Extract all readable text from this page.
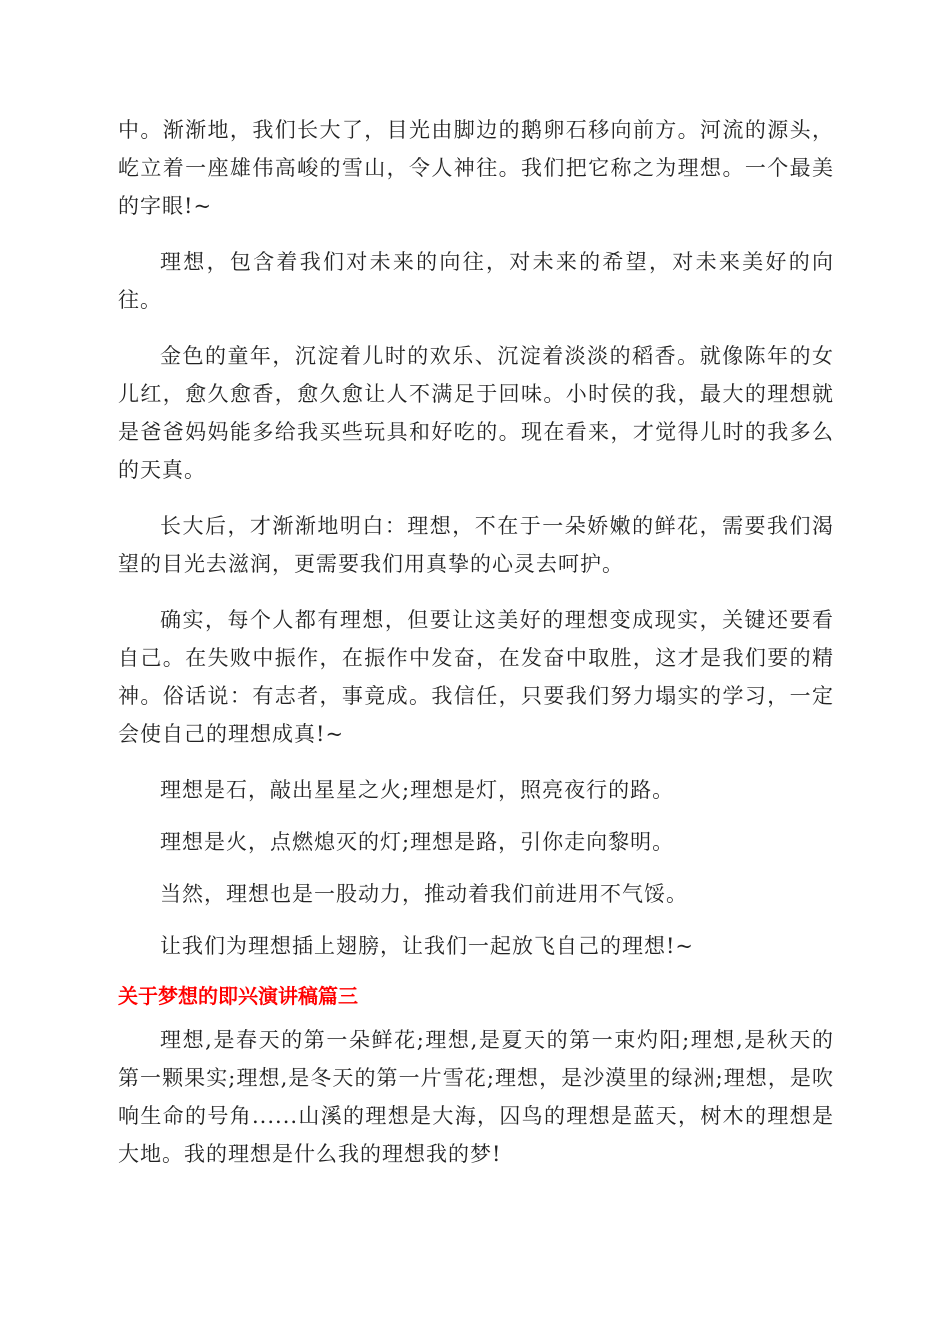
中。渐渐地，我们长大了，目光由脚边的鹅卵石移向前方。河流的源头，屹立着一座雄伟高峻的雪山，令人神往。我们把它称之为理想。一个最美的字眼!~

理想，包含着我们对未来的向往，对未来的希望，对未来美好的向往。

金色的童年，沉淀着儿时的欢乐、沉淀着淡淡的稻香。就像陈年的女儿红，愈久愈香，愈久愈让人不满足于回味。小时侯的我，最大的理想就是爸爸妈妈能多给我买些玩具和好吃的。现在看来，才觉得儿时的我多么的天真。

长大后，才渐渐地明白：理想，不在于一朵娇嫩的鲜花，需要我们渴望的目光去滋润，更需要我们用真挚的心灵去呵护。

确实，每个人都有理想，但要让这美好的理想变成现实，关键还要看自己。在失败中振作，在振作中发奋，在发奋中取胜，这才是我们要的精神。俗话说：有志者，事竟成。我信任，只要我们努力塌实的学习，一定会使自己的理想成真!~

理想是石，敲出星星之火;理想是灯，照亮夜行的路。

理想是火，点燃熄灭的灯;理想是路，引你走向黎明。

当然，理想也是一股动力，推动着我们前进用不气馁。

让我们为理想插上翅膀，让我们一起放飞自己的理想!~

关于梦想的即兴演讲稿篇三

理想,是春天的第一朵鲜花;理想,是夏天的第一束灼阳;理想,是秋天的第一颗果实;理想,是冬天的第一片雪花;理想，是沙漠里的绿洲;理想，是吹响生命的号角......山溪的理想是大海，囚鸟的理想是蓝天，树木的理想是大地。我的理想是什么我的理想我的梦!
